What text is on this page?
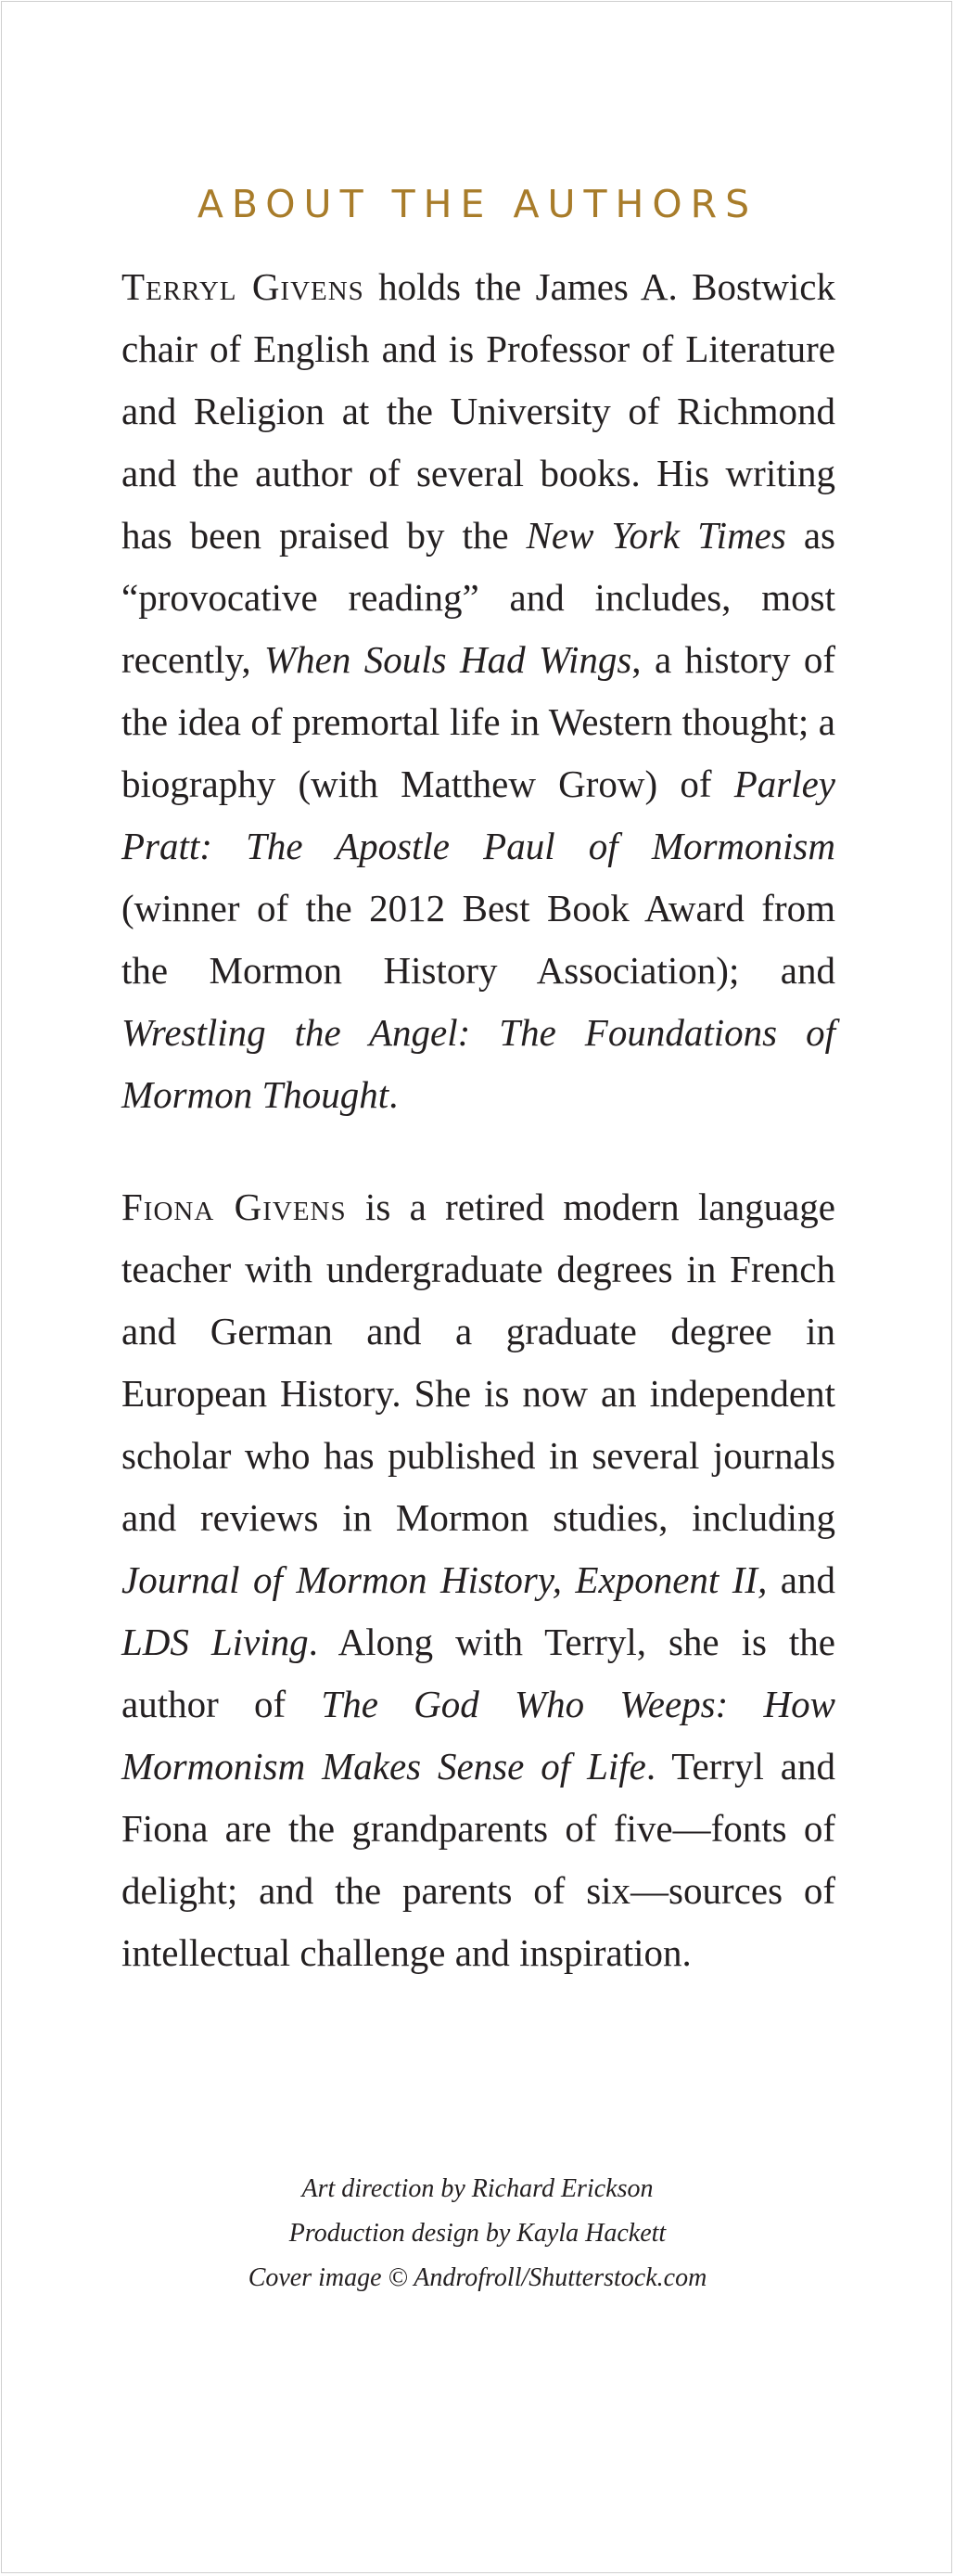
ABOUT THE AUTHORS
Terryl Givens holds the James A. Bostwick chair of English and is Professor of Literature and Religion at the University of Richmond and the author of several books. His writing has been praised by the New York Times as “provocative reading” and includes, most recently, When Souls Had Wings, a history of the idea of premortal life in Western thought; a biography (with Matthew Grow) of Parley Pratt: The Apostle Paul of Mormonism (winner of the 2012 Best Book Award from the Mormon History Association); and Wrestling the Angel: The Foundations of Mormon Thought.
Fiona Givens is a retired modern language teacher with undergraduate degrees in French and German and a graduate degree in European History. She is now an independent scholar who has published in several journals and reviews in Mormon studies, including Journal of Mormon History, Exponent II, and LDS Living. Along with Terryl, she is the author of The God Who Weeps: How Mormonism Makes Sense of Life. Terryl and Fiona are the grandparents of five—fonts of delight; and the parents of six—sources of intellectual challenge and inspiration.
Art direction by Richard Erickson
Production design by Kayla Hackett
Cover image © Androfroll/Shutterstock.com
